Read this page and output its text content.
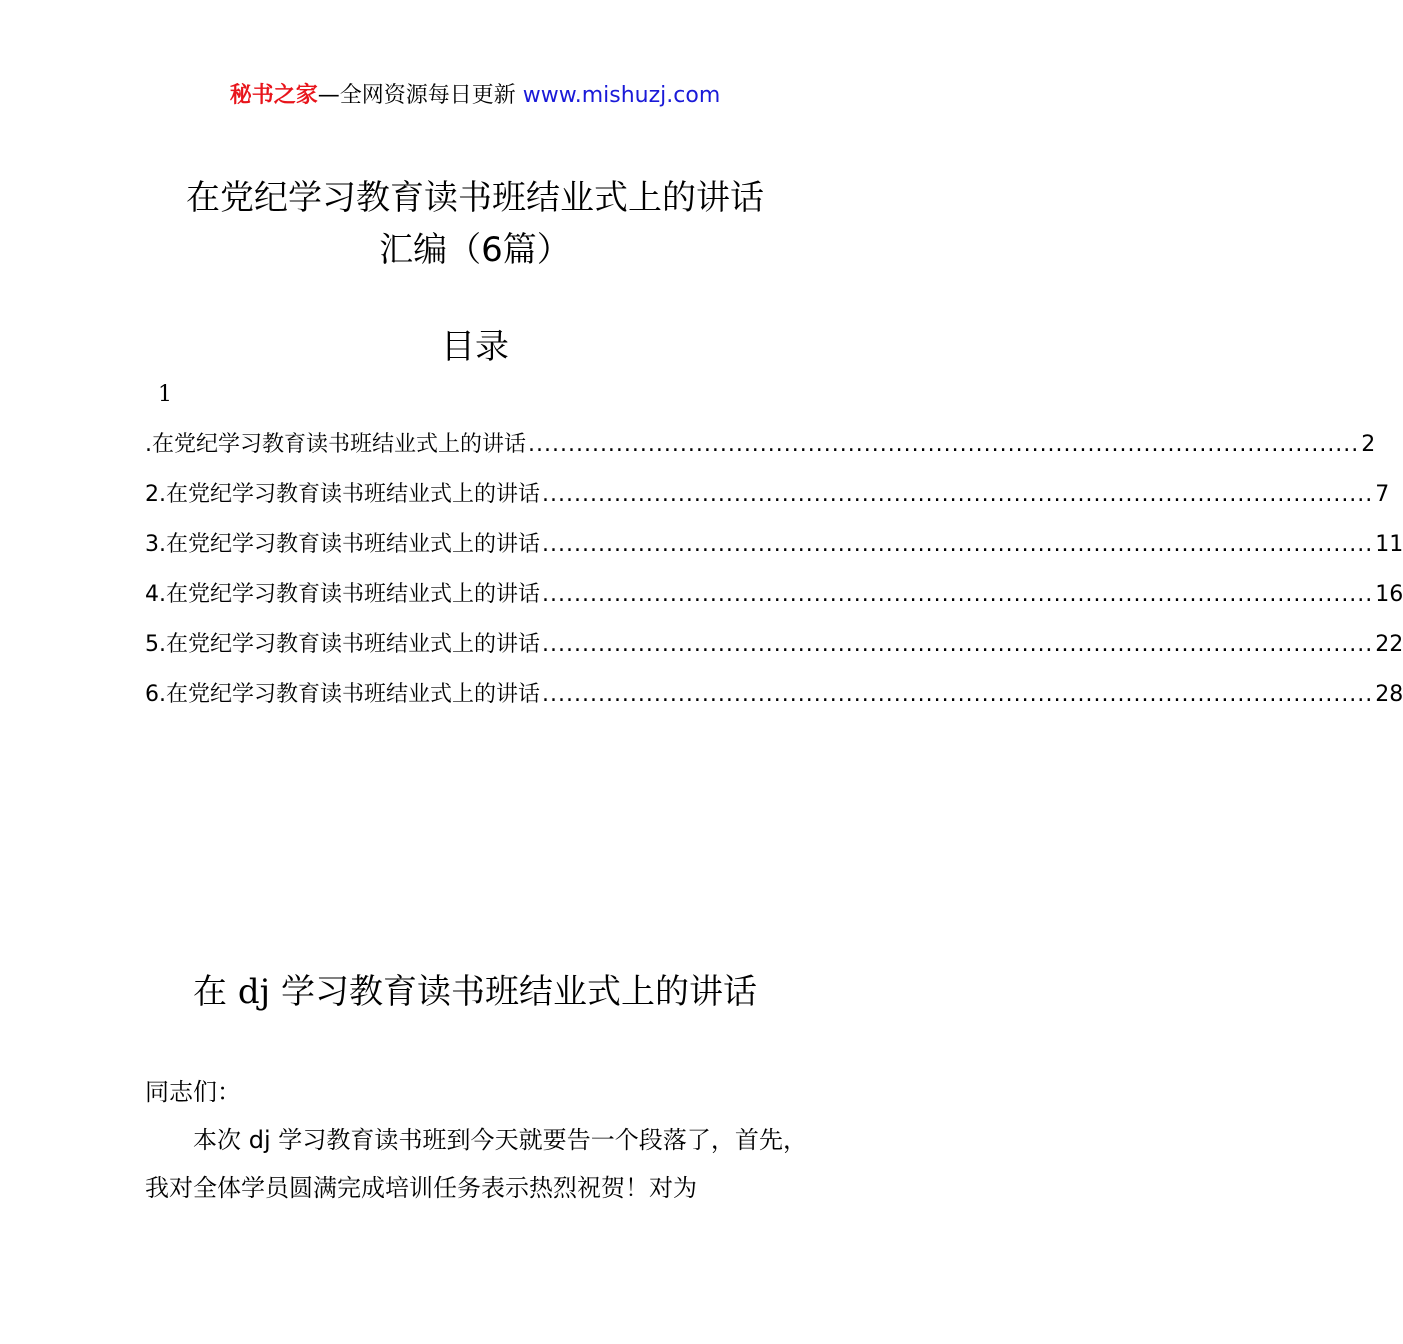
秘书之家—全网资源每日更新 www.mishuzj.com
在党纪学习教育读书班结业式上的讲话
汇编（6篇）
目录
1
.在党纪学习教育读书班结业式上的讲话 ........................................................................................................ 2
2.在党纪学习教育读书班结业式上的讲话 ........................................................................................................ 7
3.在党纪学习教育读书班结业式上的讲话 ........................................................................................................ 11
4.在党纪学习教育读书班结业式上的讲话 ........................................................................................................ 16
5.在党纪学习教育读书班结业式上的讲话 ........................................................................................................ 22
6.在党纪学习教育读书班结业式上的讲话 ........................................................................................................ 28
在 dj 学习教育读书班结业式上的讲话

同志们：

本次 dj 学习教育读书班到今天就要告一个段落了，首先，我对全体学员圆满完成培训任务表示热烈祝贺！对为
